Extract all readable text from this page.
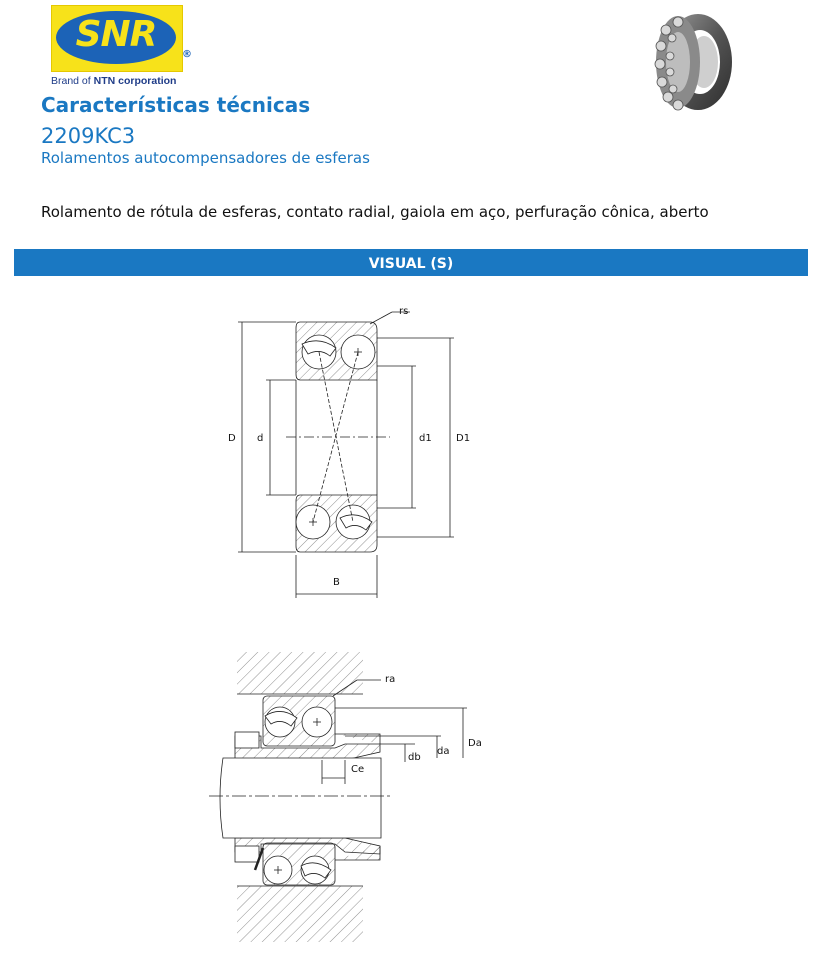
SNR	®
Brand of NTN corporation
Características técnicas
2209KC3
Rolamentos autocompensadores de esferas
Rolamento de rótula de esferas, contato radial, gaiola em aço, perfuração cônica, aberto
VISUAL (S)
D d	d1 D1
B
rs
ra
Da
da
db
Ce
